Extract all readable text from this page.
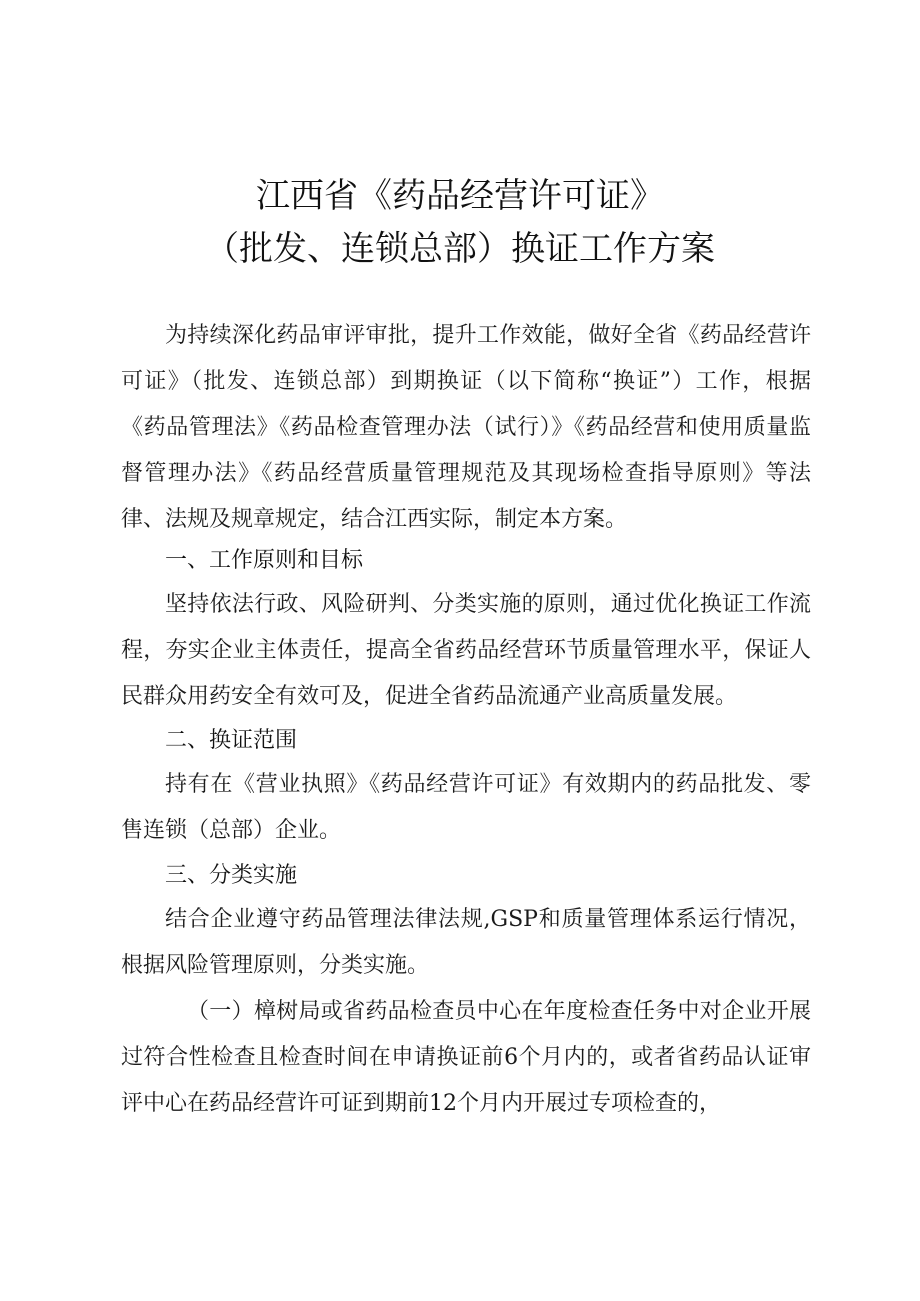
江西省《药品经营许可证》
（批发、连锁总部）换证工作方案

为持续深化药品审评审批，提升工作效能，做好全省《药品经营许可证》（批发、连锁总部）到期换证（以下简称“换证”）工作，根据《药品管理法》《药品检查管理办法（试行）》《药品经营和使用质量监督管理办法》《药品经营质量管理规范及其现场检查指导原则》等法律、法规及规章规定，结合江西实际，制定本方案。

一、工作原则和目标

坚持依法行政、风险研判、分类实施的原则，通过优化换证工作流程，夯实企业主体责任，提高全省药品经营环节质量管理水平，保证人民群众用药安全有效可及，促进全省药品流通产业高质量发展。

二、换证范围

持有在《营业执照》《药品经营许可证》有效期内的药品批发、零售连锁（总部）企业。

三、分类实施

结合企业遵守药品管理法律法规,GSP和质量管理体系运行情况，根据风险管理原则，分类实施。

（一）樟树局或省药品检查员中心在年度检查任务中对企业开展过符合性检查且检查时间在申请换证前6个月内的，或者省药品认证审评中心在药品经营许可证到期前12个月内开展过专项检查的，
